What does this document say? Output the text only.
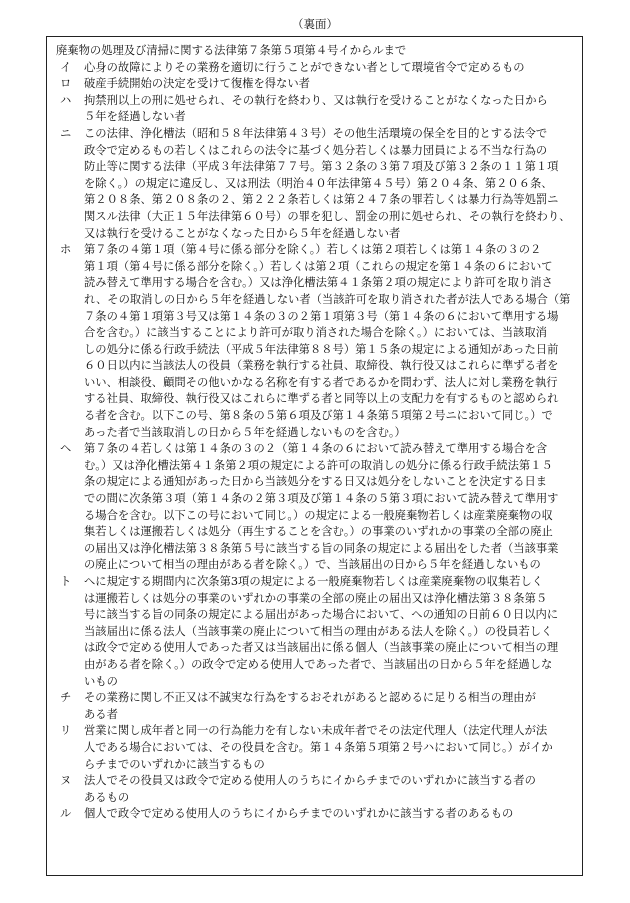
（裏面）

廃棄物の処理及び清掃に関する法律第７条第５項第４号イからルまで

イ	心身の故障によりその業務を適切に行うことができない者として環境省令で定めるもの

ロ	破産手続開始の決定を受けて復権を得ない者

ハ	拘禁刑以上の刑に処せられ、その執行を終わり、又は執行を受けることがなくなった日から
５年を経過しない者

ニ	この法律、浄化槽法（昭和５８年法律第４３号）その他生活環境の保全を目的とする法令で
政令で定めるもの若しくはこれらの法令に基づく処分若しくは暴力団員による不当な行為の
防止等に関する法律（平成３年法律第７７号。第３２条の３第７項及び第３２条の１１第１項
を除く。）の規定に違反し、又は刑法（明治４０年法律第４５号）第２０４条、第２０６条、
第２０８条、第２０８条の２、第２２２条若しくは第２４７条の罪若しくは暴力行為等処罰ニ
関スル法律（大正１５年法律第６０号）の罪を犯し、罰金の刑に処せられ、その執行を終わり、
又は執行を受けることがなくなった日から５年を経過しない者

ホ	第７条の４第１項（第４号に係る部分を除く。）若しくは第２項若しくは第１４条の３の２
第１項（第４号に係る部分を除く。）若しくは第２項（これらの規定を第１４条の６において
読み替えて準用する場合を含む。）又は浄化槽法第４１条第２項の規定により許可を取り消さ
れ、その取消しの日から５年を経過しない者（当該許可を取り消された者が法人である場合（第
７条の４第１項第３号又は第１４条の３の２第１項第３号（第１４条の６において準用する場
合を含む。）に該当することにより許可が取り消された場合を除く。）においては、当該取消
しの処分に係る行政手続法（平成５年法律第８８号）第１５条の規定による通知があった日前
６０日以内に当該法人の役員（業務を執行する社員、取締役、執行役又はこれらに準ずる者を
いい、相談役、顧問その他いかなる名称を有する者であるかを問わず、法人に対し業務を執行
する社員、取締役、執行役又はこれらに準ずる者と同等以上の支配力を有するものと認められ
る者を含む。以下この号、第８条の５第６項及び第１４条第５項第２号ニにおいて同じ。）で
あった者で当該取消しの日から５年を経過しないものを含む。）

ヘ	第７条の４若しくは第１４条の３の２（第１４条の６において読み替えて準用する場合を含
む。）又は浄化槽法第４１条第２項の規定による許可の取消しの処分に係る行政手続法第１５
条の規定による通知があった日から当該処分をする日又は処分をしないことを決定する日ま
での間に次条第３項（第１４条の２第３項及び第１４条の５第３項において読み替えて準用す
る場合を含む。以下この号において同じ。）の規定による一般廃棄物若しくは産業廃棄物の収
集若しくは運搬若しくは処分（再生することを含む。）の事業のいずれかの事業の全部の廃止
の届出又は浄化槽法第３８条第５号に該当する旨の同条の規定による届出をした者（当該事業
の廃止について相当の理由がある者を除く。）で、当該届出の日から５年を経過しないもの

ト	へに規定する期間内に次条第3項の規定による一般廃棄物若しくは産業廃棄物の収集若しく
は運搬若しくは処分の事業のいずれかの事業の全部の廃止の届出又は浄化槽法第３８条第５
号に該当する旨の同条の規定による届出があった場合において、への通知の日前６０日以内に
当該届出に係る法人（当該事業の廃止について相当の理由がある法人を除く。）の役員若しく
は政令で定める使用人であった者又は当該届出に係る個人（当該事業の廃止について相当の理
由がある者を除く。）の政令で定める使用人であった者で、当該届出の日から５年を経過しな
いもの

チ	その業務に関し不正又は不誠実な行為をするおそれがあると認めるに足りる相当の理由が
ある者

リ	営業に関し成年者と同一の行為能力を有しない未成年者でその法定代理人（法定代理人が法
人である場合においては、その役員を含む。第１４条第５項第２号ハにおいて同じ。）がイか
らチまでのいずれかに該当するもの

ヌ	法人でその役員又は政令で定める使用人のうちにイからチまでのいずれかに該当する者の
あるもの

ル	個人で政令で定める使用人のうちにイからチまでのいずれかに該当する者のあるもの
